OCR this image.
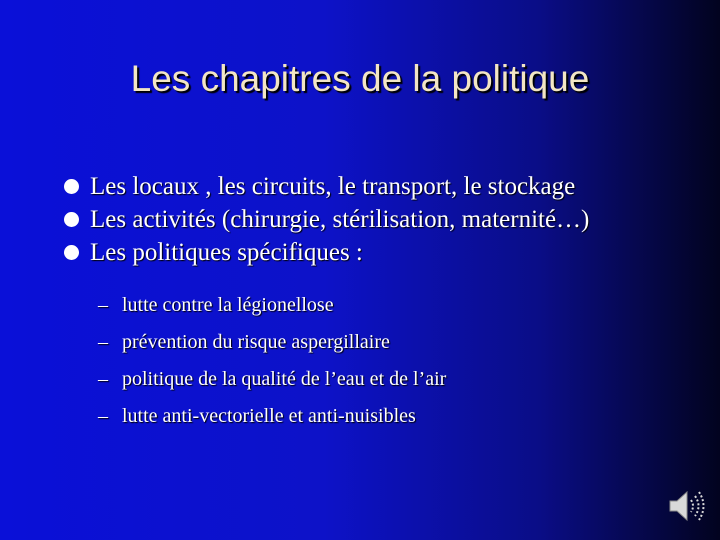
Les chapitres de la politique
Les locaux , les circuits, le transport, le stockage
Les activités (chirurgie, stérilisation, maternité…)
Les politiques spécifiques :
– lutte contre la légionellose
– prévention du risque aspergillaire
– politique de la qualité de l’eau et de l’air
– lutte anti-vectorielle et anti-nuisibles
